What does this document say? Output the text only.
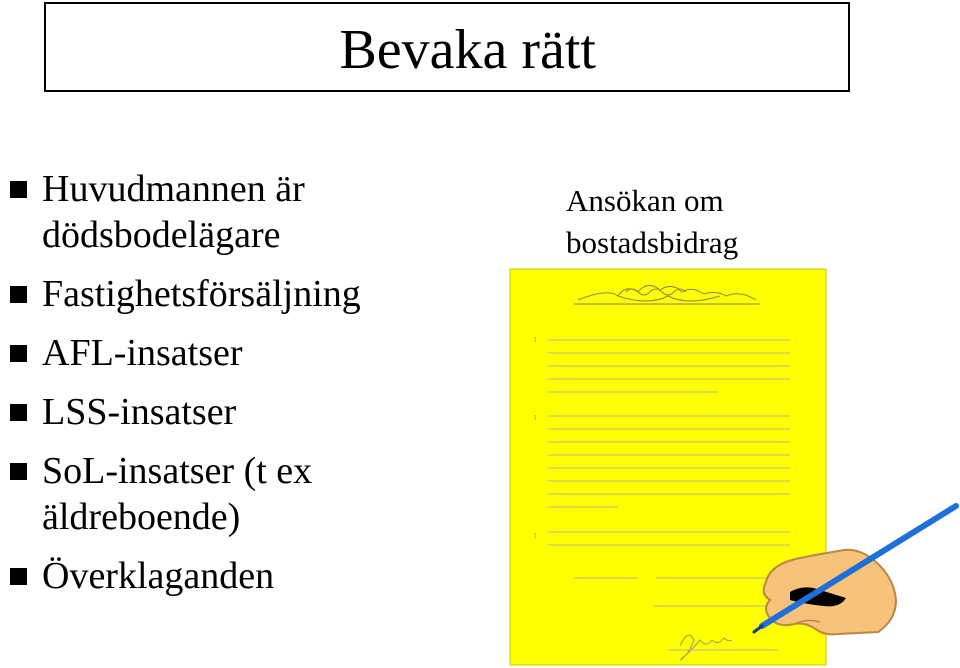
Bevaka rätt
Huvudmannen är dödsbodelägare
Fastighetsförsäljning
AFL-insatser
LSS-insatser
SoL-insatser (t ex äldreboende)
Överklaganden
Ansökan om
bostadsbidrag
I
I
I
